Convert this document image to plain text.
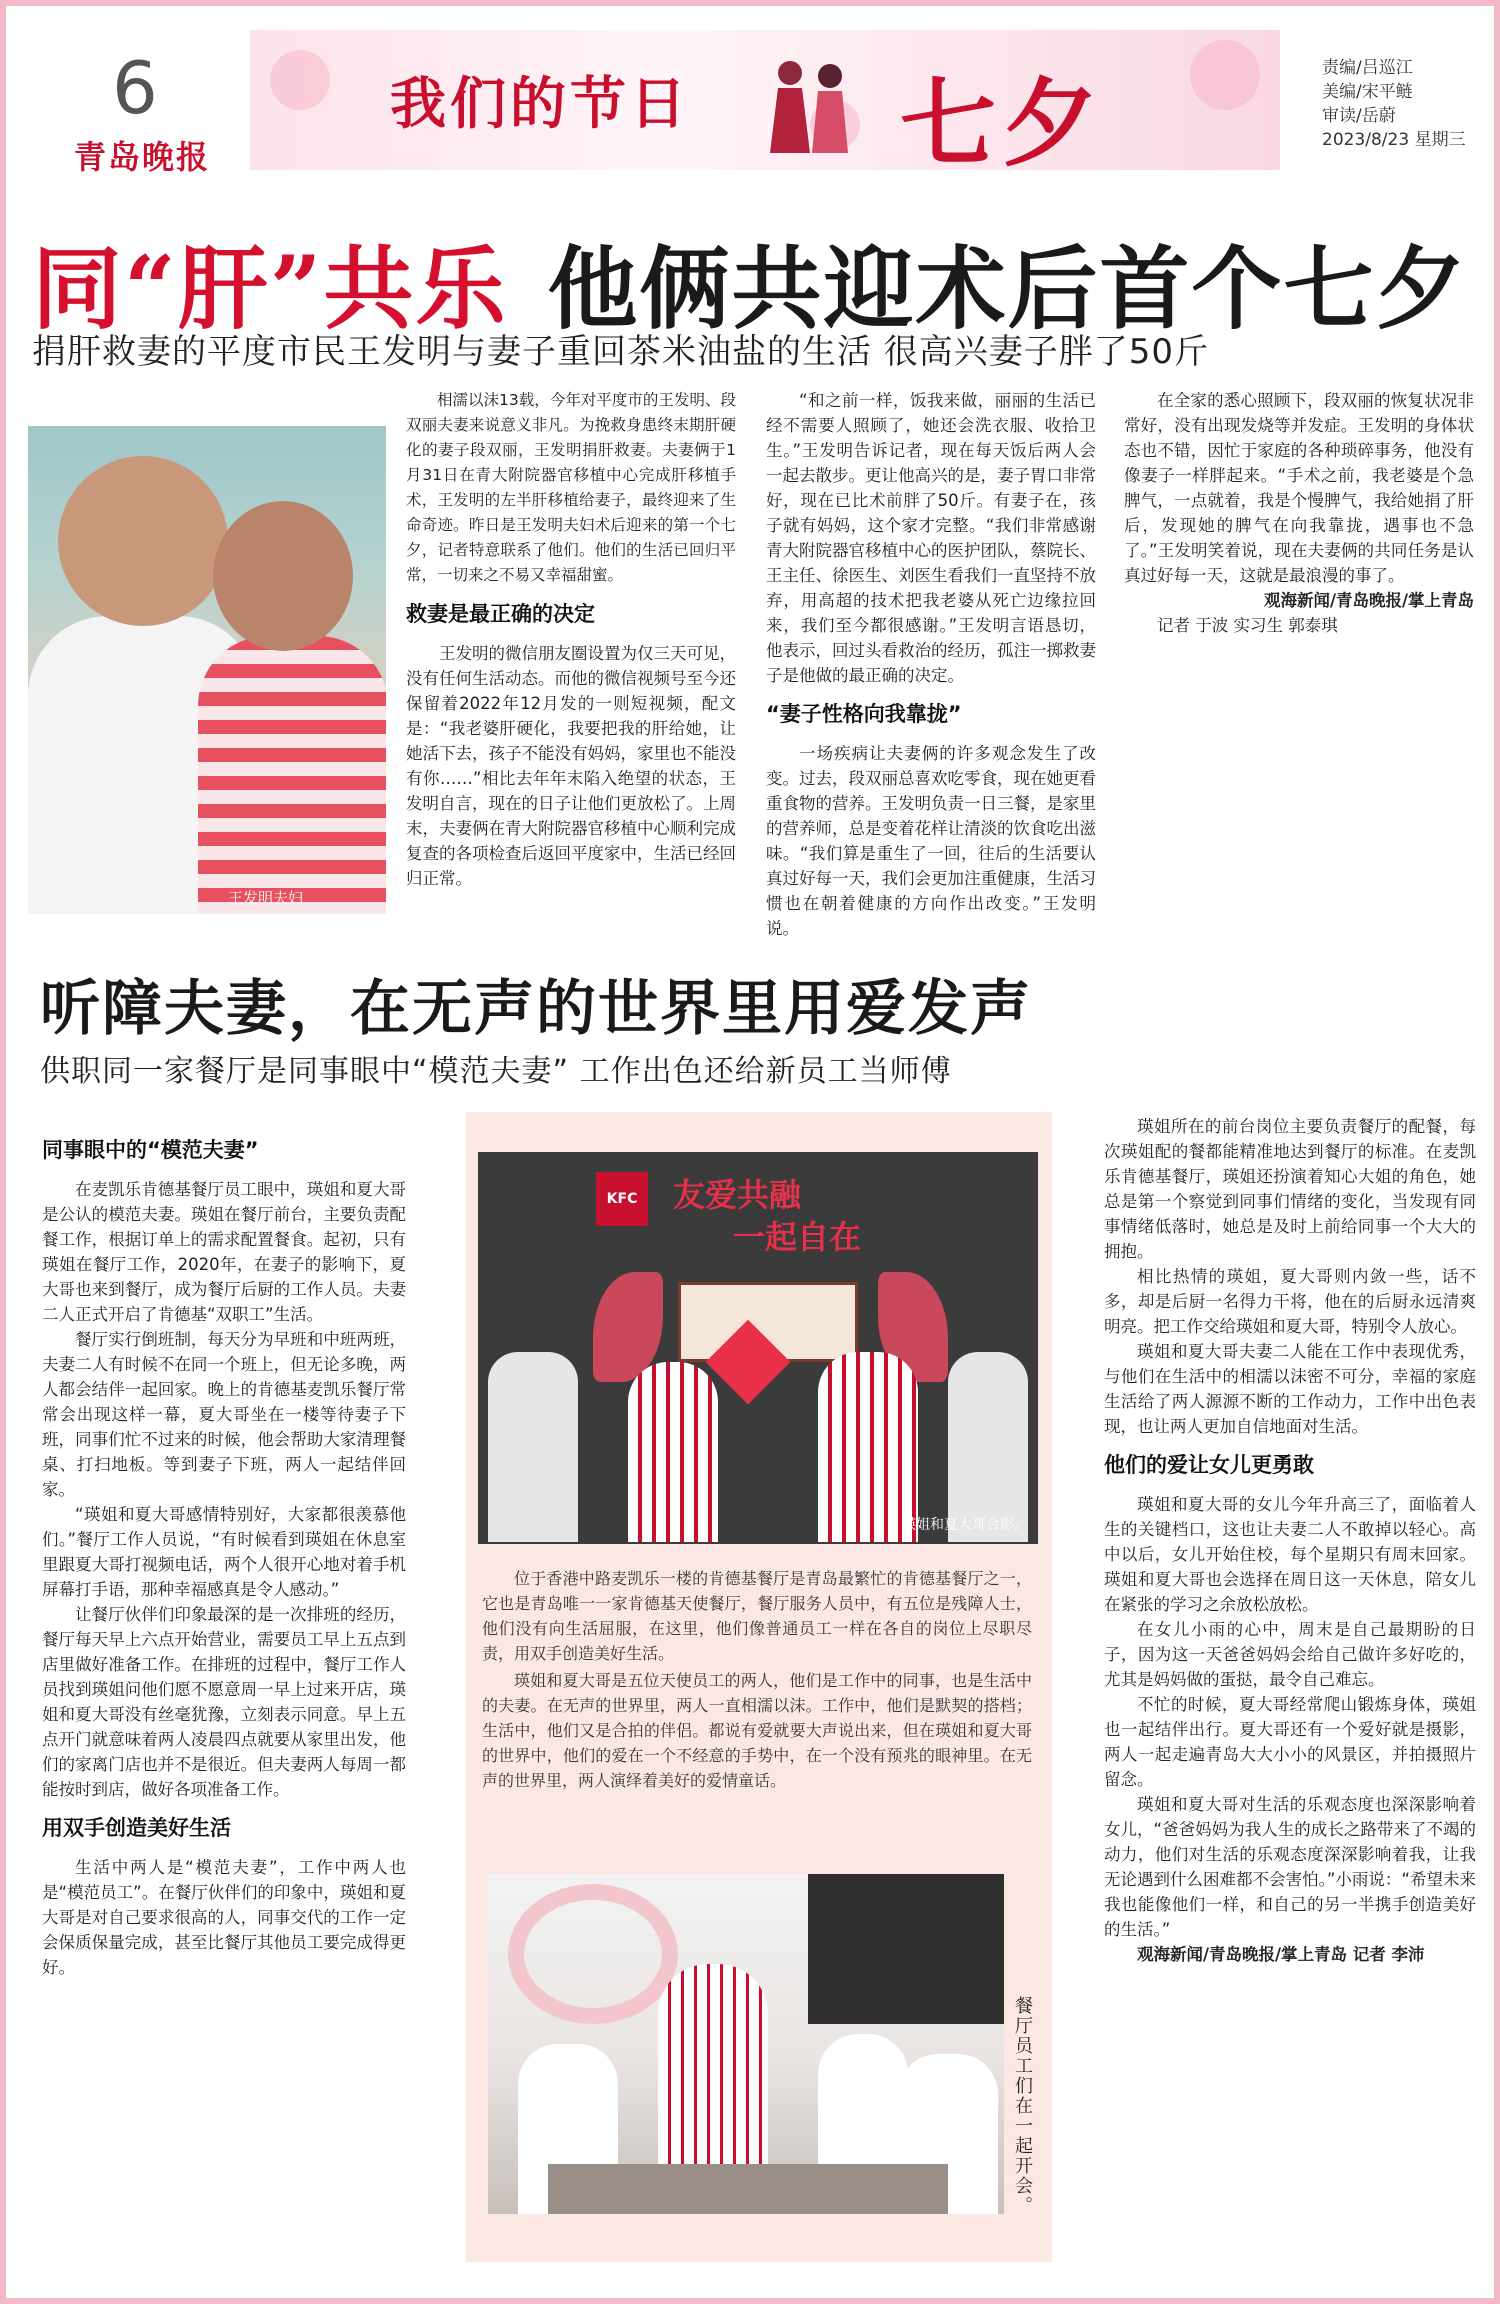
6
青岛晚报
我们的节日 七夕	责编/吕巡江
美编/宋平鲢
审读/岳蔚
2023/8/23 星期三
同“肝”共乐 他俩共迎术后首个七夕
捐肝救妻的平度市民王发明与妻子重回茶米油盐的生活 很高兴妻子胖了50斤
王发明夫妇

相濡以沫13载，今年对平度市的王发明、段双丽夫妻来说意义非凡。为挽救身患终末期肝硬化的妻子段双丽，王发明捐肝救妻。夫妻俩于1月31日在青大附院器官移植中心完成肝移植手术，王发明的左半肝移植给妻子，最终迎来了生命奇迹。昨日是王发明夫妇术后迎来的第一个七夕，记者特意联系了他们。他们的生活已回归平常，一切来之不易又幸福甜蜜。

救妻是最正确的决定

王发明的微信朋友圈设置为仅三天可见，没有任何生活动态。而他的微信视频号至今还保留着2022年12月发的一则短视频，配文是：“我老婆肝硬化，我要把我的肝给她，让她活下去，孩子不能没有妈妈，家里也不能没有你……”相比去年年末陷入绝望的状态，王发明自言，现在的日子让他们更放松了。上周末，夫妻俩在青大附院器官移植中心顺利完成复查的各项检查后返回平度家中，生活已经回归正常。

“和之前一样，饭我来做，丽丽的生活已经不需要人照顾了，她还会洗衣服、收拾卫生。”王发明告诉记者，现在每天饭后两人会一起去散步。更让他高兴的是，妻子胃口非常好，现在已比术前胖了50斤。有妻子在，孩子就有妈妈，这个家才完整。“我们非常感谢青大附院器官移植中心的医护团队，蔡院长、王主任、徐医生、刘医生看我们一直坚持不放弃，用高超的技术把我老婆从死亡边缘拉回来，我们至今都很感谢。”王发明言语恳切，他表示，回过头看救治的经历，孤注一掷救妻子是他做的最正确的决定。

“妻子性格向我靠拢”

一场疾病让夫妻俩的许多观念发生了改变。过去，段双丽总喜欢吃零食，现在她更看重食物的营养。王发明负责一日三餐，是家里的营养师，总是变着花样让清淡的饮食吃出滋味。“我们算是重生了一回，往后的生活要认真过好每一天，我们会更加注重健康，生活习惯也在朝着健康的方向作出改变。”王发明说。

在全家的悉心照顾下，段双丽的恢复状况非常好，没有出现发烧等并发症。王发明的身体状态也不错，因忙于家庭的各种琐碎事务，他没有像妻子一样胖起来。“手术之前，我老婆是个急脾气，一点就着，我是个慢脾气，我给她捐了肝后，发现她的脾气在向我靠拢，遇事也不急了。”王发明笑着说，现在夫妻俩的共同任务是认真过好每一天，这就是最浪漫的事了。

观海新闻/青岛晚报/掌上青岛

记者 于波 实习生 郭泰琪

听障夫妻，在无声的世界里用爱发声
供职同一家餐厅是同事眼中“模范夫妻” 工作出色还给新员工当师傅

同事眼中的“模范夫妻”

在麦凯乐肯德基餐厅员工眼中，瑛姐和夏大哥是公认的模范夫妻。瑛姐在餐厅前台，主要负责配餐工作，根据订单上的需求配置餐食。起初，只有瑛姐在餐厅工作，2020年，在妻子的影响下，夏大哥也来到餐厅，成为餐厅后厨的工作人员。夫妻二人正式开启了肯德基“双职工”生活。

餐厅实行倒班制，每天分为早班和中班两班，夫妻二人有时候不在同一个班上，但无论多晚，两人都会结伴一起回家。晚上的肯德基麦凯乐餐厅常常会出现这样一幕，夏大哥坐在一楼等待妻子下班，同事们忙不过来的时候，他会帮助大家清理餐桌、打扫地板。等到妻子下班，两人一起结伴回家。

“瑛姐和夏大哥感情特别好，大家都很羡慕他们。”餐厅工作人员说，“有时候看到瑛姐在休息室里跟夏大哥打视频电话，两个人很开心地对着手机屏幕打手语，那种幸福感真是令人感动。”

让餐厅伙伴们印象最深的是一次排班的经历，餐厅每天早上六点开始营业，需要员工早上五点到店里做好准备工作。在排班的过程中，餐厅工作人员找到瑛姐问他们愿不愿意周一早上过来开店，瑛姐和夏大哥没有丝毫犹豫，立刻表示同意。早上五点开门就意味着两人凌晨四点就要从家里出发，他们的家离门店也并不是很近。但夫妻两人每周一都能按时到店，做好各项准备工作。

用双手创造美好生活

生活中两人是“模范夫妻”，工作中两人也是“模范员工”。在餐厅伙伴们的印象中，瑛姐和夏大哥是对自己要求很高的人，同事交代的工作一定会保质保量完成，甚至比餐厅其他员工要完成得更好。

KFC	友爱共融
一起自在
瑛姐和夏大哥合影。

位于香港中路麦凯乐一楼的肯德基餐厅是青岛最繁忙的肯德基餐厅之一，它也是青岛唯一一家肯德基天使餐厅，餐厅服务人员中，有五位是残障人士，他们没有向生活屈服，在这里，他们像普通员工一样在各自的岗位上尽职尽责，用双手创造美好生活。

瑛姐和夏大哥是五位天使员工的两人，他们是工作中的同事，也是生活中的夫妻。在无声的世界里，两人一直相濡以沫。工作中，他们是默契的搭档；生活中，他们又是合拍的伴侣。都说有爱就要大声说出来，但在瑛姐和夏大哥的世界中，他们的爱在一个不经意的手势中，在一个没有预兆的眼神里。在无声的世界里，两人演绎着美好的爱情童话。

餐厅员工们在一起开会。

瑛姐所在的前台岗位主要负责餐厅的配餐，每次瑛姐配的餐都能精准地达到餐厅的标准。在麦凯乐肯德基餐厅，瑛姐还扮演着知心大姐的角色，她总是第一个察觉到同事们情绪的变化，当发现有同事情绪低落时，她总是及时上前给同事一个大大的拥抱。

相比热情的瑛姐，夏大哥则内敛一些，话不多，却是后厨一名得力干将，他在的后厨永远清爽明亮。把工作交给瑛姐和夏大哥，特别令人放心。

瑛姐和夏大哥夫妻二人能在工作中表现优秀，与他们在生活中的相濡以沫密不可分，幸福的家庭生活给了两人源源不断的工作动力，工作中出色表现，也让两人更加自信地面对生活。

他们的爱让女儿更勇敢

瑛姐和夏大哥的女儿今年升高三了，面临着人生的关键档口，这也让夫妻二人不敢掉以轻心。高中以后，女儿开始住校，每个星期只有周末回家。瑛姐和夏大哥也会选择在周日这一天休息，陪女儿在紧张的学习之余放松放松。

在女儿小雨的心中，周末是自己最期盼的日子，因为这一天爸爸妈妈会给自己做许多好吃的，尤其是妈妈做的蛋挞，最令自己难忘。

不忙的时候，夏大哥经常爬山锻炼身体，瑛姐也一起结伴出行。夏大哥还有一个爱好就是摄影，两人一起走遍青岛大大小小的风景区，并拍摄照片留念。

瑛姐和夏大哥对生活的乐观态度也深深影响着女儿，“爸爸妈妈为我人生的成长之路带来了不竭的动力，他们对生活的乐观态度深深影响着我，让我无论遇到什么困难都不会害怕。”小雨说：“希望未来我也能像他们一样，和自己的另一半携手创造美好的生活。”

观海新闻/青岛晚报/掌上青岛 记者 李沛
